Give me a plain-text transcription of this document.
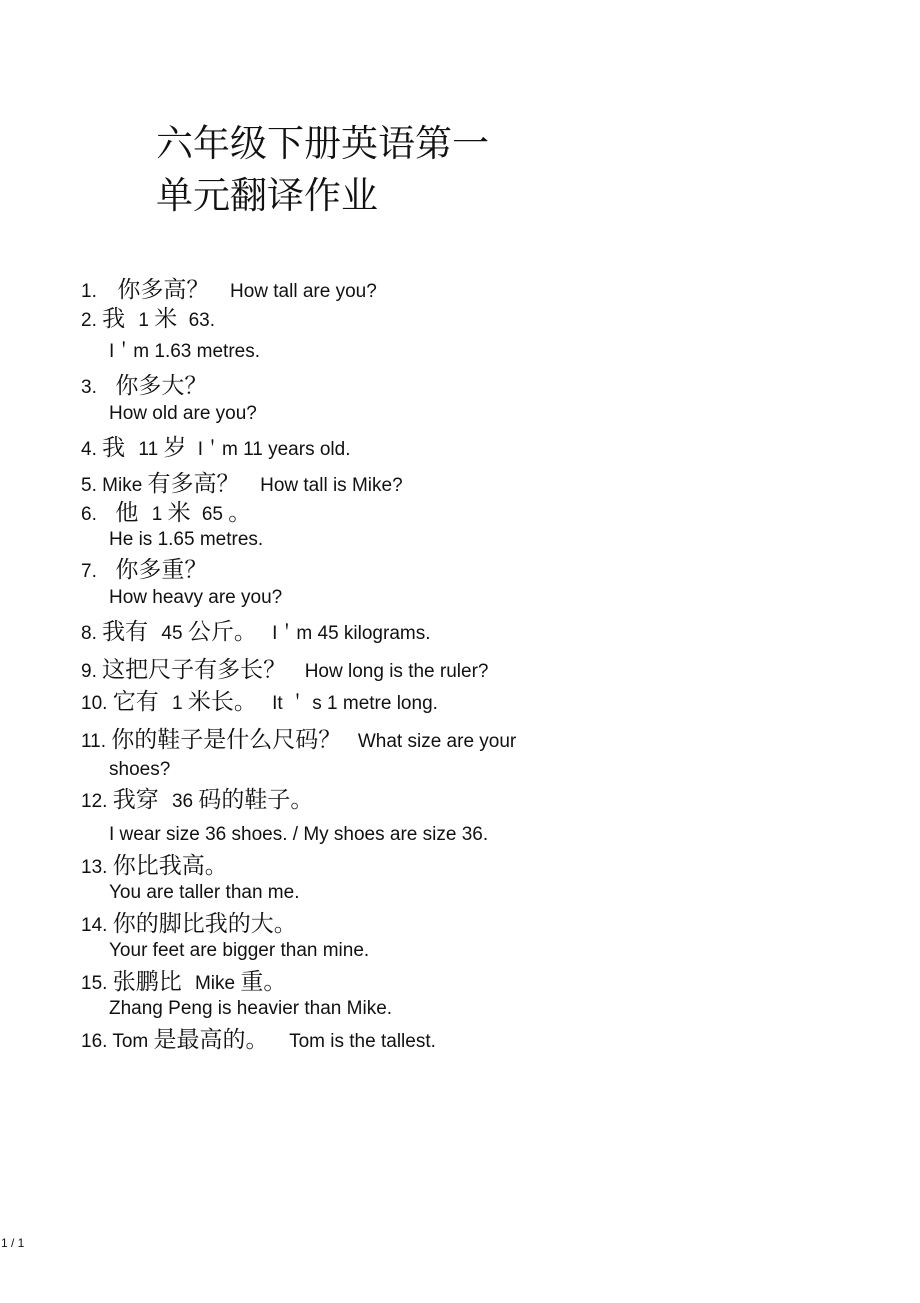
六年级下册英语第一
单元翻译作业
1. 你多高？ How tall are you?
2. 我 1 米 63.
I＇m 1.63 metres.
3. 你多大？
How old are you?
4. 我 11 岁 I＇m 11 years old.
5. Mike 有多高？ How tall is Mike?
6. 他 1 米 65 。
He is 1.65 metres.
7. 你多重？
How heavy are you?
8. 我有 45 公斤。 I＇m 45 kilograms.
9. 这把尺子有多长？ How long is the ruler?
10. 它有 1 米长。 It ＇ s 1 metre long.
11. 你的鞋子是什么尺码？ What size are your
shoes?
12. 我穿 36 码的鞋子。
I wear size 36 shoes. / My shoes are size 36.
13. 你比我高。
You are taller than me.
14. 你的脚比我的大。
Your feet are bigger than mine.
15. 张鹏比 Mike 重。
Zhang Peng is heavier than Mike.
16. Tom 是最高的。 Tom is the tallest.
1 / 1
